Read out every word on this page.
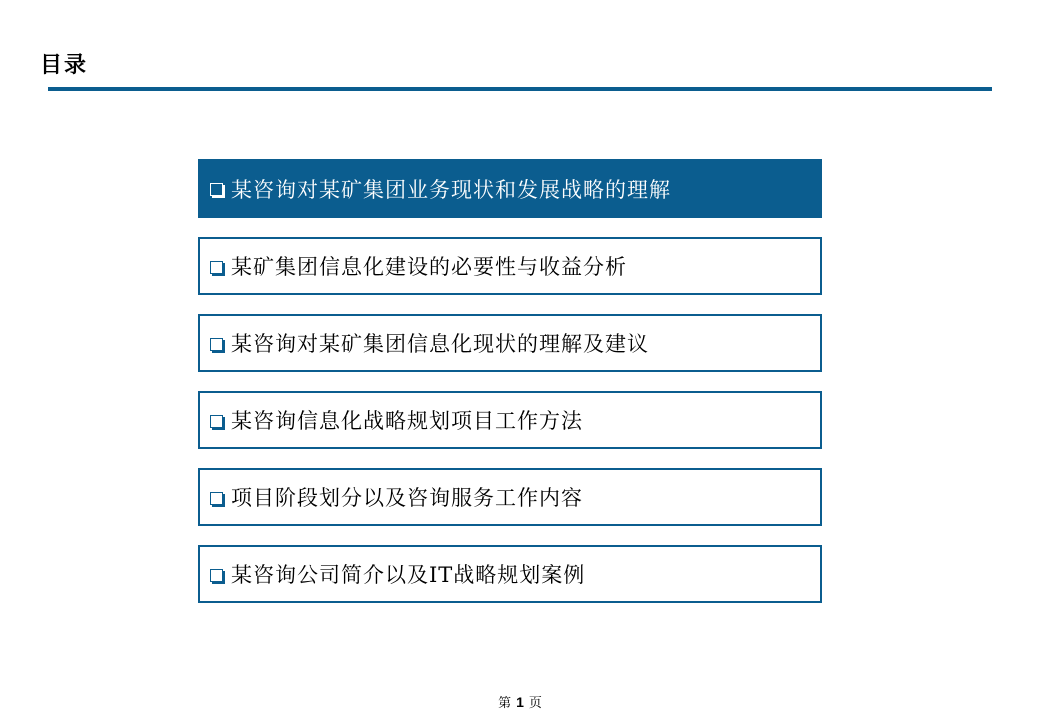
目录
某咨询对某矿集团业务现状和发展战略的理解
某矿集团信息化建设的必要性与收益分析
某咨询对某矿集团信息化现状的理解及建议
某咨询信息化战略规划项目工作方法
项目阶段划分以及咨询服务工作内容
某咨询公司简介以及IT战略规划案例
第 1 页
